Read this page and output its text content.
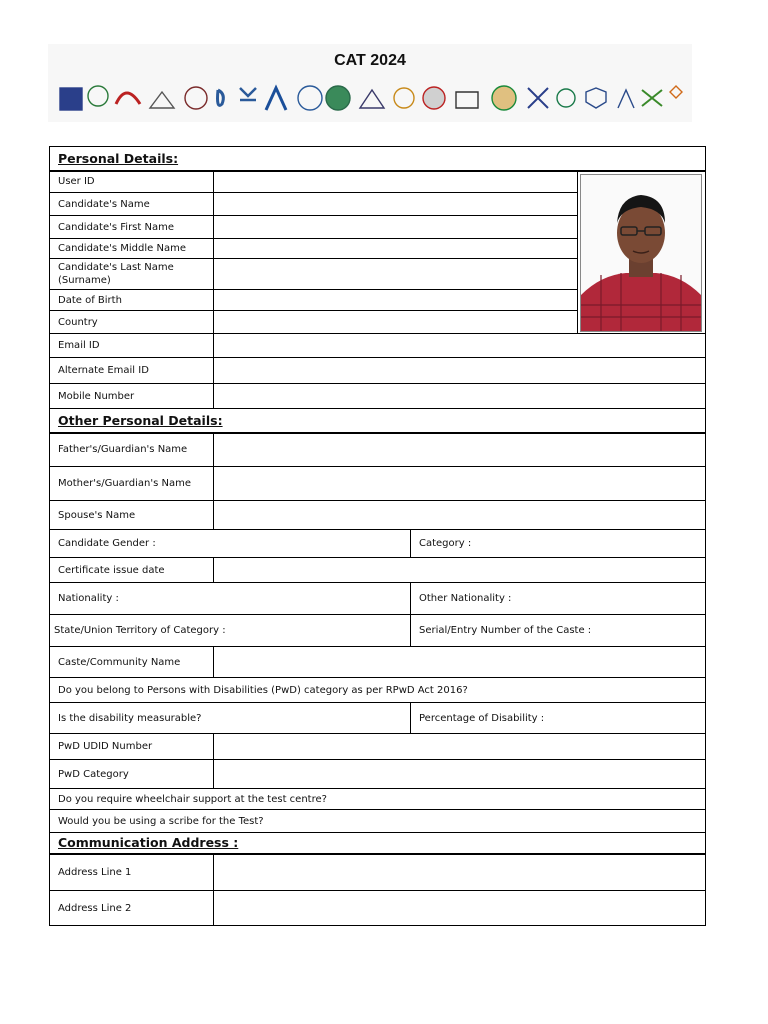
CAT 2024
Personal Details:			
User ID		

Candidate's Name			
Candidate's First Name			
Candidate's Middle Name			
Candidate's Last Name
(Surname)			
Date of Birth			
Country			
Email ID			
Alternate Email ID			
Mobile Number			
Other Personal Details:			
Father's/Guardian's Name			
Mother's/Guardian's Name			
Spouse's Name			
Candidate Gender :		Category :	
Certificate issue date			
Nationality :		Other Nationality :	
State/Union Territory of Category :		Serial/Entry Number of the Caste :	
Caste/Community Name			
Do you belong to Persons with Disabilities (PwD) category as per RPwD Act 2016?			
Is the disability measurable?		Percentage of Disability :	
PwD UDID Number			
PwD Category			
Do you require wheelchair support at the test centre?			
Would you be using a scribe for the Test?			
Communication Address :			
Address Line 1			
Address Line 2			
